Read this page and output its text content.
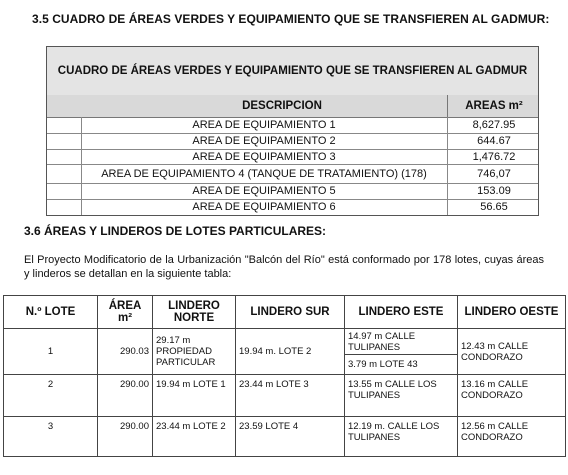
3.5 CUADRO DE ÁREAS VERDES Y EQUIPAMIENTO QUE SE TRANSFIEREN AL GADMUR:
CUADRO DE ÁREAS VERDES Y EQUIPAMIENTO QUE SE TRANSFIEREN AL GADMUR
DESCRIPCION	AREAS m²
AREA DE EQUIPAMIENTO 1	8,627.95
AREA DE EQUIPAMIENTO 2	644.67
AREA DE EQUIPAMIENTO 3	1,476.72
AREA DE EQUIPAMIENTO 4 (TANQUE DE TRATAMIENTO) (178)	746,07
AREA DE EQUIPAMIENTO 5	153.09
AREA DE EQUIPAMIENTO 6	56.65
3.6 ÁREAS Y LINDEROS DE LOTES PARTICULARES:
El Proyecto Modificatorio de la Urbanización "Balcón del Río" está conformado por 178 lotes, cuyas áreas y linderos se detallan en la siguiente tabla:
N.º LOTE	ÁREA m²	LINDERO NORTE	LINDERO SUR	LINDERO ESTE	LINDERO OESTE
1	290.03	29.17 m PROPIEDAD PARTICULAR	19.94 m. LOTE 2	14.97 m CALLE TULIPANES	12.43 m CALLE CONDORAZO
				3.79 m LOTE 43	
2	290.00	19.94 m LOTE 1	23.44 m LOTE 3	13.55 m CALLE LOS TULIPANES	13.16 m CALLE CONDORAZO
3	290.00	23.44 m LOTE 2	23.59 LOTE 4	12.19 m. CALLE LOS TULIPANES	12.56 m CALLE CONDORAZO
